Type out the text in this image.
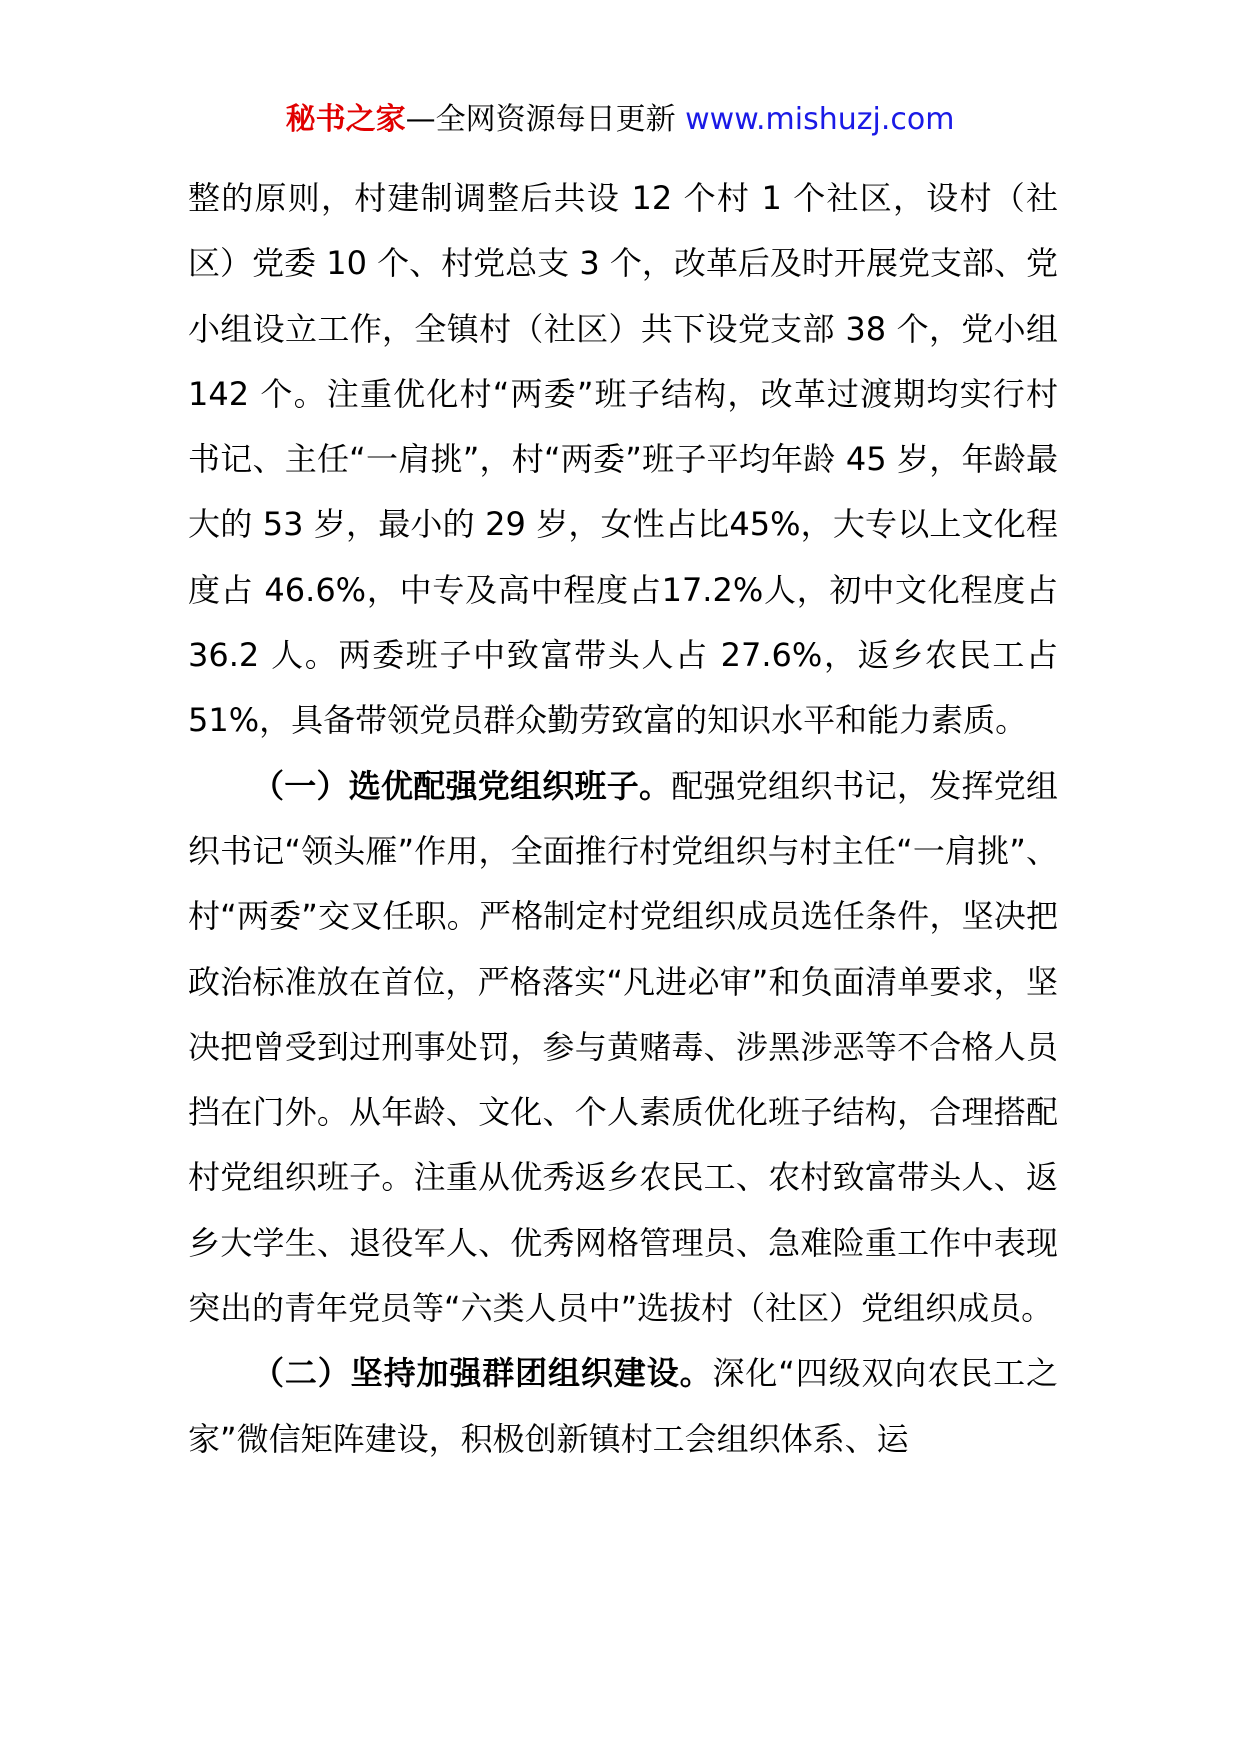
秘书之家—全网资源每日更新 www.mishuzj.com

整的原则，村建制调整后共设 12 个村 1 个社区，设村（社区）党委 10 个、村党总支 3 个，改革后及时开展党支部、党小组设立工作，全镇村（社区）共下设党支部 38 个，党小组 142 个。注重优化村“两委”班子结构，改革过渡期均实行村书记、主任“一肩挑”，村“两委”班子平均年龄 45 岁，年龄最大的 53 岁，最小的 29 岁，女性占比45%，大专以上文化程度占 46.6%，中专及高中程度占17.2%人，初中文化程度占 36.2 人。两委班子中致富带头人占 27.6%，返乡农民工占 51%，具备带领党员群众勤劳致富的知识水平和能力素质。

（一）选优配强党组织班子。配强党组织书记，发挥党组织书记“领头雁”作用，全面推行村党组织与村主任“一肩挑”、村“两委”交叉任职。严格制定村党组织成员选任条件，坚决把政治标准放在首位，严格落实“凡进必审”和负面清单要求，坚决把曾受到过刑事处罚，参与黄赌毒、涉黑涉恶等不合格人员挡在门外。从年龄、文化、个人素质优化班子结构，合理搭配村党组织班子。注重从优秀返乡农民工、农村致富带头人、返乡大学生、退役军人、优秀网格管理员、急难险重工作中表现突出的青年党员等“六类人员中”选拔村（社区）党组织成员。

（二）坚持加强群团组织建设。深化“四级双向农民工之家”微信矩阵建设，积极创新镇村工会组织体系、运
